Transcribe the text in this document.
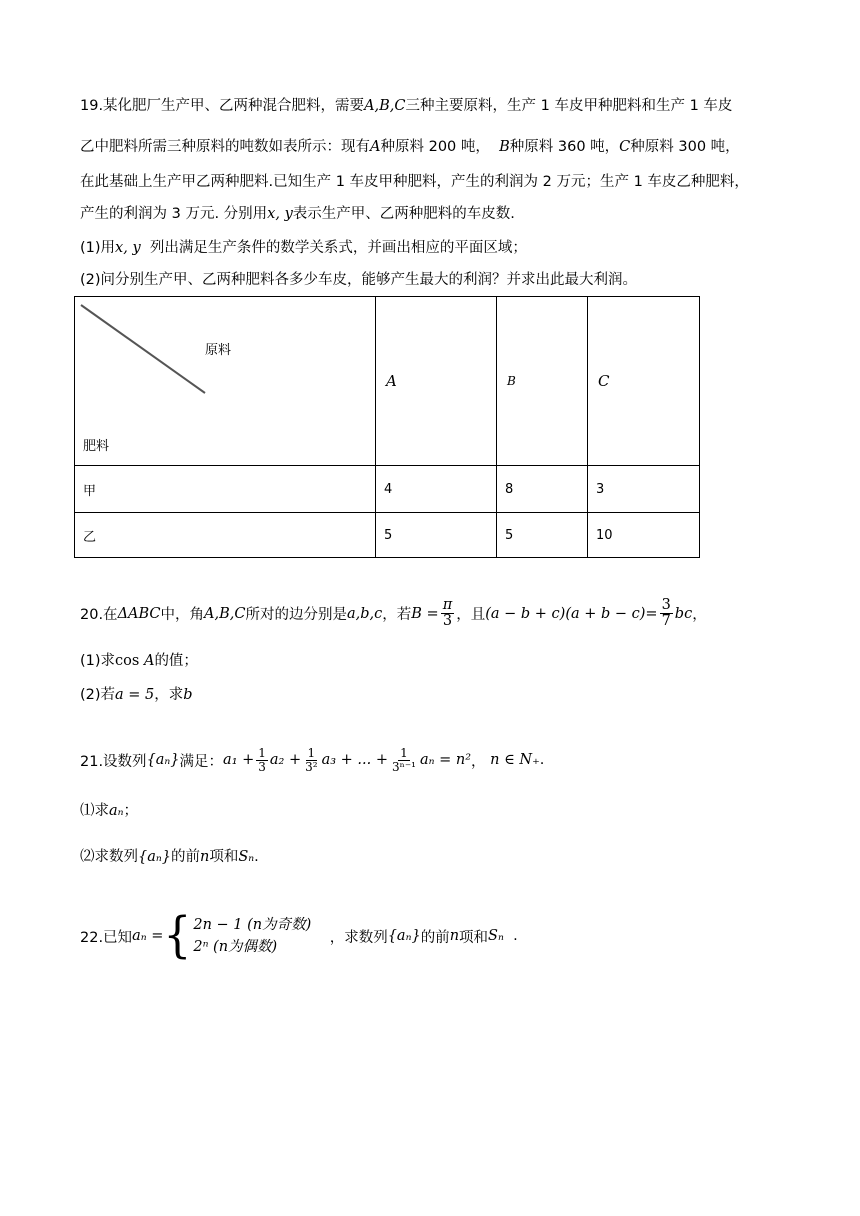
19.某化肥厂生产甲、乙两种混合肥料，需要A,B,C三种主要原料，生产 1 车皮甲种肥料和生产 1 车皮
乙中肥料所需三种原料的吨数如表所示：现有A种原料 200 吨， B种原料 360 吨，C种原料 300 吨，
在此基础上生产甲乙两种肥料.已知生产 1 车皮甲种肥料，产生的利润为 2 万元；生产 1 车皮乙种肥料，
产生的利润为 3 万元. 分别用x, y表示生产甲、乙两种肥料的车皮数.
(1)用x, y 列出满足生产条件的数学关系式，并画出相应的平面区域；
(2)问分别生产甲、乙两种肥料各多少车皮，能够产生最大的利润？并求出此最大利润。
原料
肥料	A	B	C
甲	4	8	3
乙	5	5	10
20.在 ΔABC 中，角 A,B,C 所对的边分别是 a,b,c ，若 $B = \frac{\pi}{3}$ ，且 $(a - b + c)(a + b - c)= \frac{3}{7}$ bc ，
(1)求cos A的值；
(2)若a = 5，求b
21.设数列 {aₙ} 满足： $a_1 + \frac{1}{3} a_2 + \frac{1}{\text{3²}} a_3$ + ... + $\frac{1}{\text{3ⁿ⁻¹}}$ aₙ = n² ，
n ∈ N₊ .
⑴求aₙ；
⑵求数列{aₙ}的前n项和Sₙ.
22.已知 aₙ = { 2n − 1 (n为奇数)
2ⁿ (n为偶数)

，求数列 {aₙ} 的前 n 项和 Sₙ
.
